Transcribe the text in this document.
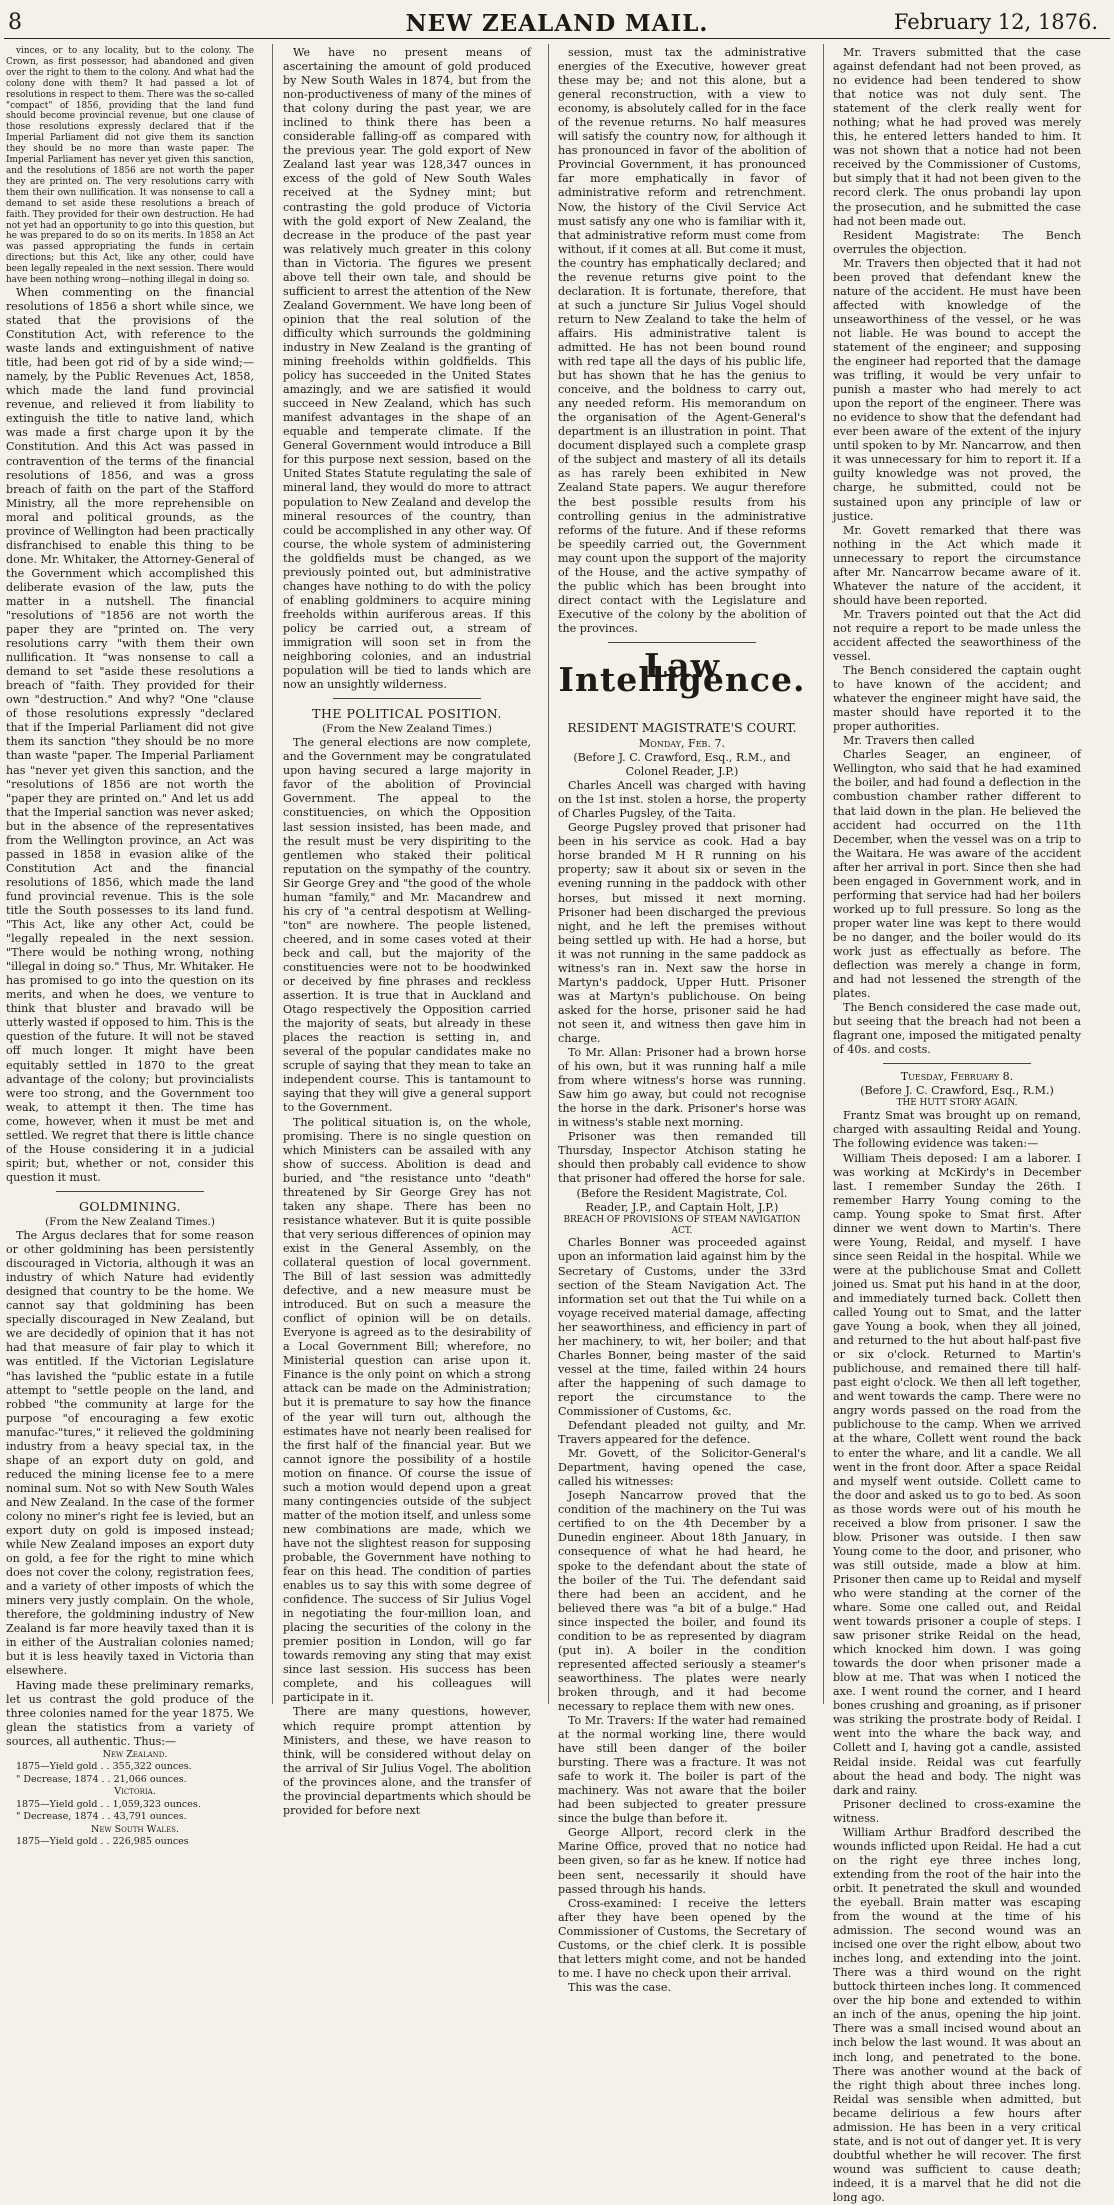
8	NEW ZEALAND MAIL.	February 12, 1876.

vinces, or to any locality, but to the colony. The Crown, as first possessor, had abandoned and given over the right to them to the colony. And what had the colony done with them? It had passed a lot of resolutions in respect to them. There was the so-called "compact" of 1856, providing that the land fund should become provincial revenue, but one clause of those resolutions expressly declared that if the Imperial Parliament did not give them its sanction they should be no more than waste paper. The Imperial Parliament has never yet given this sanction, and the resolutions of 1856 are not worth the paper they are printed on. The very resolutions carry with them their own nullification. It was nonsense to call a demand to set aside these resolutions a breach of faith. They provided for their own destruction. He had not yet had an opportunity to go into this question, but he was prepared to do so on its merits. In 1858 an Act was passed appropriating the funds in certain directions; but this Act, like any other, could have been legally repealed in the next session. There would have been nothing wrong—nothing illegal in doing so.

When commenting on the financial resolutions of 1856 a short while since, we stated that the provisions of the Constitution Act, with reference to the waste lands and extinguishment of native title, had been got rid of by a side wind;—namely, by the Public Revenues Act, 1858, which made the land fund provincial revenue, and relieved it from liability to extinguish the title to native land, which was made a first charge upon it by the Constitution. And this Act was passed in contravention of the terms of the financial resolutions of 1856, and was a gross breach of faith on the part of the Stafford Ministry, all the more reprehensible on moral and political grounds, as the province of Wellington had been practically disfranchised to enable this thing to be done. Mr. Whitaker, the Attorney-General of the Government which accomplished this deliberate evasion of the law, puts the matter in a nutshell. The financial "resolutions of "1856 are not worth the paper they are "printed on. The very resolutions carry "with them their own nullification. It "was nonsense to call a demand to set "aside these resolutions a breach of "faith. They provided for their own "destruction." And why? "One "clause of those resolutions expressly "declared that if the Imperial Parliament did not give them its sanction "they should be no more than waste "paper. The Imperial Parliament has "never yet given this sanction, and the "resolutions of 1856 are not worth the "paper they are printed on." And let us add that the Imperial sanction was never asked; but in the absence of the representatives from the Wellington province, an Act was passed in 1858 in evasion alike of the Constitution Act and the financial resolutions of 1856, which made the land fund provincial revenue. This is the sole title the South possesses to its land fund. "This Act, like any other Act, could be "legally repealed in the next session. "There would be nothing wrong, nothing "illegal in doing so." Thus, Mr. Whitaker. He has promised to go into the question on its merits, and when he does, we venture to think that bluster and bravado will be utterly wasted if opposed to him. This is the question of the future. It will not be staved off much longer. It might have been equitably settled in 1870 to the great advantage of the colony; but provincialists were too strong, and the Government too weak, to attempt it then. The time has come, however, when it must be met and settled. We regret that there is little chance of the House considering it in a judicial spirit; but, whether or not, consider this question it must.

GOLDMINING.

(From the New Zealand Times.)

The Argus declares that for some reason or other goldmining has been persistently discouraged in Victoria, although it was an industry of which Nature had evidently designed that country to be the home. We cannot say that goldmining has been specially discouraged in New Zealand, but we are decidedly of opinion that it has not had that measure of fair play to which it was entitled. If the Victorian Legislature "has lavished the "public estate in a futile attempt to "settle people on the land, and robbed "the community at large for the purpose "of encouraging a few exotic manufac-"tures," it relieved the goldmining industry from a heavy special tax, in the shape of an export duty on gold, and reduced the mining license fee to a mere nominal sum. Not so with New South Wales and New Zealand. In the case of the former colony no miner's right fee is levied, but an export duty on gold is imposed instead; while New Zealand imposes an export duty on gold, a fee for the right to mine which does not cover the colony, registration fees, and a variety of other imposts of which the miners very justly complain. On the whole, therefore, the goldmining industry of New Zealand is far more heavily taxed than it is in either of the Australian colonies named; but it is less heavily taxed in Victoria than elsewhere.

Having made these preliminary remarks, let us contrast the gold produce of the three colonies named for the year 1875. We glean the statistics from a variety of sources, all authentic. Thus:—

New Zealand.
1875—Yield gold . . 355,322 ounces.
" Decrease, 1874 . . 21,066 ounces.
Victoria.
1875—Yield gold . . 1,059,323 ounces.
" Decrease, 1874 . . 43,791 ounces.
New South Wales.
1875—Yield gold . . 226,985 ounces

We have no present means of ascertaining the amount of gold produced by New South Wales in 1874, but from the non-productiveness of many of the mines of that colony during the past year, we are inclined to think there has been a considerable falling-off as compared with the previous year. The gold export of New Zealand last year was 128,347 ounces in excess of the gold of New South Wales received at the Sydney mint; but contrasting the gold produce of Victoria with the gold export of New Zealand, the decrease in the produce of the past year was relatively much greater in this colony than in Victoria. The figures we present above tell their own tale, and should be sufficient to arrest the attention of the New Zealand Government. We have long been of opinion that the real solution of the difficulty which surrounds the goldmining industry in New Zealand is the granting of mining freeholds within goldfields. This policy has succeeded in the United States amazingly, and we are satisfied it would succeed in New Zealand, which has such manifest advantages in the shape of an equable and temperate climate. If the General Government would introduce a Bill for this purpose next session, based on the United States Statute regulating the sale of mineral land, they would do more to attract population to New Zealand and develop the mineral resources of the country, than could be accomplished in any other way. Of course, the whole system of administering the goldfields must be changed, as we previously pointed out, but administrative changes have nothing to do with the policy of enabling goldminers to acquire mining freeholds within auriferous areas. If this policy be carried out, a stream of immigration will soon set in from the neighboring colonies, and an industrial population will be tied to lands which are now an unsightly wilderness.

THE POLITICAL POSITION.

(From the New Zealand Times.)

The general elections are now complete, and the Government may be congratulated upon having secured a large majority in favor of the abolition of Provincial Government. The appeal to the constituencies, on which the Opposition last session insisted, has been made, and the result must be very dispiriting to the gentlemen who staked their political reputation on the sympathy of the country. Sir George Grey and "the good of the whole human "family," and Mr. Macandrew and his cry of "a central despotism at Welling-"ton" are nowhere. The people listened, cheered, and in some cases voted at their beck and call, but the majority of the constituencies were not to be hoodwinked or deceived by fine phrases and reckless assertion. It is true that in Auckland and Otago respectively the Opposition carried the majority of seats, but already in these places the reaction is setting in, and several of the popular candidates make no scruple of saying that they mean to take an independent course. This is tantamount to saying that they will give a general support to the Government.

The political situation is, on the whole, promising. There is no single question on which Ministers can be assailed with any show of success. Abolition is dead and buried, and "the resistance unto "death" threatened by Sir George Grey has not taken any shape. There has been no resistance whatever. But it is quite possible that very serious differences of opinion may exist in the General Assembly, on the collateral question of local government. The Bill of last session was admittedly defective, and a new measure must be introduced. But on such a measure the conflict of opinion will be on details. Everyone is agreed as to the desirability of a Local Government Bill; wherefore, no Ministerial question can arise upon it. Finance is the only point on which a strong attack can be made on the Administration; but it is premature to say how the finance of the year will turn out, although the estimates have not nearly been realised for the first half of the financial year. But we cannot ignore the possibility of a hostile motion on finance. Of course the issue of such a motion would depend upon a great many contingencies outside of the subject matter of the motion itself, and unless some new combinations are made, which we have not the slightest reason for supposing probable, the Government have nothing to fear on this head. The condition of parties enables us to say this with some degree of confidence. The success of Sir Julius Vogel in negotiating the four-million loan, and placing the securities of the colony in the premier position in London, will go far towards removing any sting that may exist since last session. His success has been complete, and his colleagues will participate in it.

There are many questions, however, which require prompt attention by Ministers, and these, we have reason to think, will be considered without delay on the arrival of Sir Julius Vogel. The abolition of the provinces alone, and the transfer of the provincial departments which should be provided for before next

session, must tax the administrative energies of the Executive, however great these may be; and not this alone, but a general reconstruction, with a view to economy, is absolutely called for in the face of the revenue returns. No half measures will satisfy the country now, for although it has pronounced in favor of the abolition of Provincial Government, it has pronounced far more emphatically in favor of administrative reform and retrenchment. Now, the history of the Civil Service Act must satisfy any one who is familiar with it, that administrative reform must come from without, if it comes at all. But come it must, the country has emphatically declared; and the revenue returns give point to the declaration. It is fortunate, therefore, that at such a juncture Sir Julius Vogel should return to New Zealand to take the helm of affairs. His administrative talent is admitted. He has not been bound round with red tape all the days of his public life, but has shown that he has the genius to conceive, and the boldness to carry out, any needed reform. His memorandum on the organisation of the Agent-General's department is an illustration in point. That document displayed such a complete grasp of the subject and mastery of all its details as has rarely been exhibited in New Zealand State papers. We augur therefore the best possible results from his controlling genius in the administrative reforms of the future. And if these reforms be speedily carried out, the Government may count upon the support of the majority of the House, and the active sympathy of the public which has been brought into direct contact with the Legislature and Executive of the colony by the abolition of the provinces.

Law Intelligence.

RESIDENT MAGISTRATE'S COURT.

Monday, Feb. 7.

(Before J. C. Crawford, Esq., R.M., and Colonel Reader, J.P.)

Charles Ancell was charged with having on the 1st inst. stolen a horse, the property of Charles Pugsley, of the Taita.

George Pugsley proved that prisoner had been in his service as cook. Had a bay horse branded M H R running on his property; saw it about six or seven in the evening running in the paddock with other horses, but missed it next morning. Prisoner had been discharged the previous night, and he left the premises without being settled up with. He had a horse, but it was not running in the same paddock as witness's ran in. Next saw the horse in Martyn's paddock, Upper Hutt. Prisoner was at Martyn's publichouse. On being asked for the horse, prisoner said he had not seen it, and witness then gave him in charge.

To Mr. Allan: Prisoner had a brown horse of his own, but it was running half a mile from where witness's horse was running. Saw him go away, but could not recognise the horse in the dark. Prisoner's horse was in witness's stable next morning.

Prisoner was then remanded till Thursday, Inspector Atchison stating he should then probably call evidence to show that prisoner had offered the horse for sale.

(Before the Resident Magistrate, Col. Reader, J.P., and Captain Holt, J.P.)

BREACH OF PROVISIONS OF STEAM NAVIGATION ACT.

Charles Bonner was proceeded against upon an information laid against him by the Secretary of Customs, under the 33rd section of the Steam Navigation Act. The information set out that the Tui while on a voyage received material damage, affecting her seaworthiness, and efficiency in part of her machinery, to wit, her boiler; and that Charles Bonner, being master of the said vessel at the time, failed within 24 hours after the happening of such damage to report the circumstance to the Commissioner of Customs, &c.

Defendant pleaded not guilty, and Mr. Travers appeared for the defence.

Mr. Govett, of the Solicitor-General's Department, having opened the case, called his witnesses:

Joseph Nancarrow proved that the condition of the machinery on the Tui was certified to on the 4th December by a Dunedin engineer. About 18th January, in consequence of what he had heard, he spoke to the defendant about the state of the boiler of the Tui. The defendant said there had been an accident, and he believed there was "a bit of a bulge." Had since inspected the boiler, and found its condition to be as represented by diagram (put in). A boiler in the condition represented affected seriously a steamer's seaworthiness. The plates were nearly broken through, and it had become necessary to replace them with new ones.

To Mr. Travers: If the water had remained at the normal working line, there would have still been danger of the boiler bursting. There was a fracture. It was not safe to work it. The boiler is part of the machinery. Was not aware that the boiler had been subjected to greater pressure since the bulge than before it.

George Allport, record clerk in the Marine Office, proved that no notice had been given, so far as he knew. If notice had been sent, necessarily it should have passed through his hands.

Cross-examined: I receive the letters after they have been opened by the Commissioner of Customs, the Secretary of Customs, or the chief clerk. It is possible that letters might come, and not be handed to me. I have no check upon their arrival.

This was the case.

Mr. Travers submitted that the case against defendant had not been proved, as no evidence had been tendered to show that notice was not duly sent. The statement of the clerk really went for nothing; what he had proved was merely this, he entered letters handed to him. It was not shown that a notice had not been received by the Commissioner of Customs, but simply that it had not been given to the record clerk. The onus probandi lay upon the prosecution, and he submitted the case had not been made out.

Resident Magistrate: The Bench overrules the objection.

Mr. Travers then objected that it had not been proved that defendant knew the nature of the accident. He must have been affected with knowledge of the unseaworthiness of the vessel, or he was not liable. He was bound to accept the statement of the engineer; and supposing the engineer had reported that the damage was trifling, it would be very unfair to punish a master who had merely to act upon the report of the engineer. There was no evidence to show that the defendant had ever been aware of the extent of the injury until spoken to by Mr. Nancarrow, and then it was unnecessary for him to report it. If a guilty knowledge was not proved, the charge, he submitted, could not be sustained upon any principle of law or justice.

Mr. Govett remarked that there was nothing in the Act which made it unnecessary to report the circumstance after Mr. Nancarrow became aware of it. Whatever the nature of the accident, it should have been reported.

Mr. Travers pointed out that the Act did not require a report to be made unless the accident affected the seaworthiness of the vessel.

The Bench considered the captain ought to have known of the accident; and whatever the engineer might have said, the master should have reported it to the proper authorities.

Mr. Travers then called

Charles Seager, an engineer, of Wellington, who said that he had examined the boiler, and had found a deflection in the combustion chamber rather different to that laid down in the plan. He believed the accident had occurred on the 11th December, when the vessel was on a trip to the Waitara. He was aware of the accident after her arrival in port. Since then she had been engaged in Government work, and in performing that service had had her boilers worked up to full pressure. So long as the proper water line was kept to there would be no danger, and the boiler would do its work just as effectually as before. The deflection was merely a change in form, and had not lessened the strength of the plates.

The Bench considered the case made out, but seeing that the breach had not been a flagrant one, imposed the mitigated penalty of 40s. and costs.

Tuesday, February 8.

(Before J. C. Crawford, Esq., R.M.)

THE HUTT STORY AGAIN.

Frantz Smat was brought up on remand, charged with assaulting Reidal and Young. The following evidence was taken:—

William Theis deposed: I am a laborer. I was working at McKirdy's in December last. I remember Sunday the 26th. I remember Harry Young coming to the camp. Young spoke to Smat first. After dinner we went down to Martin's. There were Young, Reidal, and myself. I have since seen Reidal in the hospital. While we were at the publichouse Smat and Collett joined us. Smat put his hand in at the door, and immediately turned back. Collett then called Young out to Smat, and the latter gave Young a book, when they all joined, and returned to the hut about half-past five or six o'clock. Returned to Martin's publichouse, and remained there till half-past eight o'clock. We then all left together, and went towards the camp. There were no angry words passed on the road from the publichouse to the camp. When we arrived at the whare, Collett went round the back to enter the whare, and lit a candle. We all went in the front door. After a space Reidal and myself went outside. Collett came to the door and asked us to go to bed. As soon as those words were out of his mouth he received a blow from prisoner. I saw the blow. Prisoner was outside. I then saw Young come to the door, and prisoner, who was still outside, made a blow at him. Prisoner then came up to Reidal and myself who were standing at the corner of the whare. Some one called out, and Reidal went towards prisoner a couple of steps. I saw prisoner strike Reidal on the head, which knocked him down. I was going towards the door when prisoner made a blow at me. That was when I noticed the axe. I went round the corner, and I heard bones crushing and groaning, as if prisoner was striking the prostrate body of Reidal. I went into the whare the back way, and Collett and I, having got a candle, assisted Reidal inside. Reidal was cut fearfully about the head and body. The night was dark and rainy.

Prisoner declined to cross-examine the witness.

William Arthur Bradford described the wounds inflicted upon Reidal. He had a cut on the right eye three inches long, extending from the root of the hair into the orbit. It penetrated the skull and wounded the eyeball. Brain matter was escaping from the wound at the time of his admission. The second wound was an incised one over the right elbow, about two inches long, and extending into the joint. There was a third wound on the right buttock thirteen inches long. It commenced over the hip bone and extended to within an inch of the anus, opening the hip joint. There was a small incised wound about an inch below the last wound. It was about an inch long, and penetrated to the bone. There was another wound at the back of the right thigh about three inches long. Reidal was sensible when admitted, but became delirious a few hours after admission. He has been in a very critical state, and is not out of danger yet. It is very doubtful whether he will recover. The first wound was sufficient to cause death; indeed, it is a marvel that he did not die long ago.
